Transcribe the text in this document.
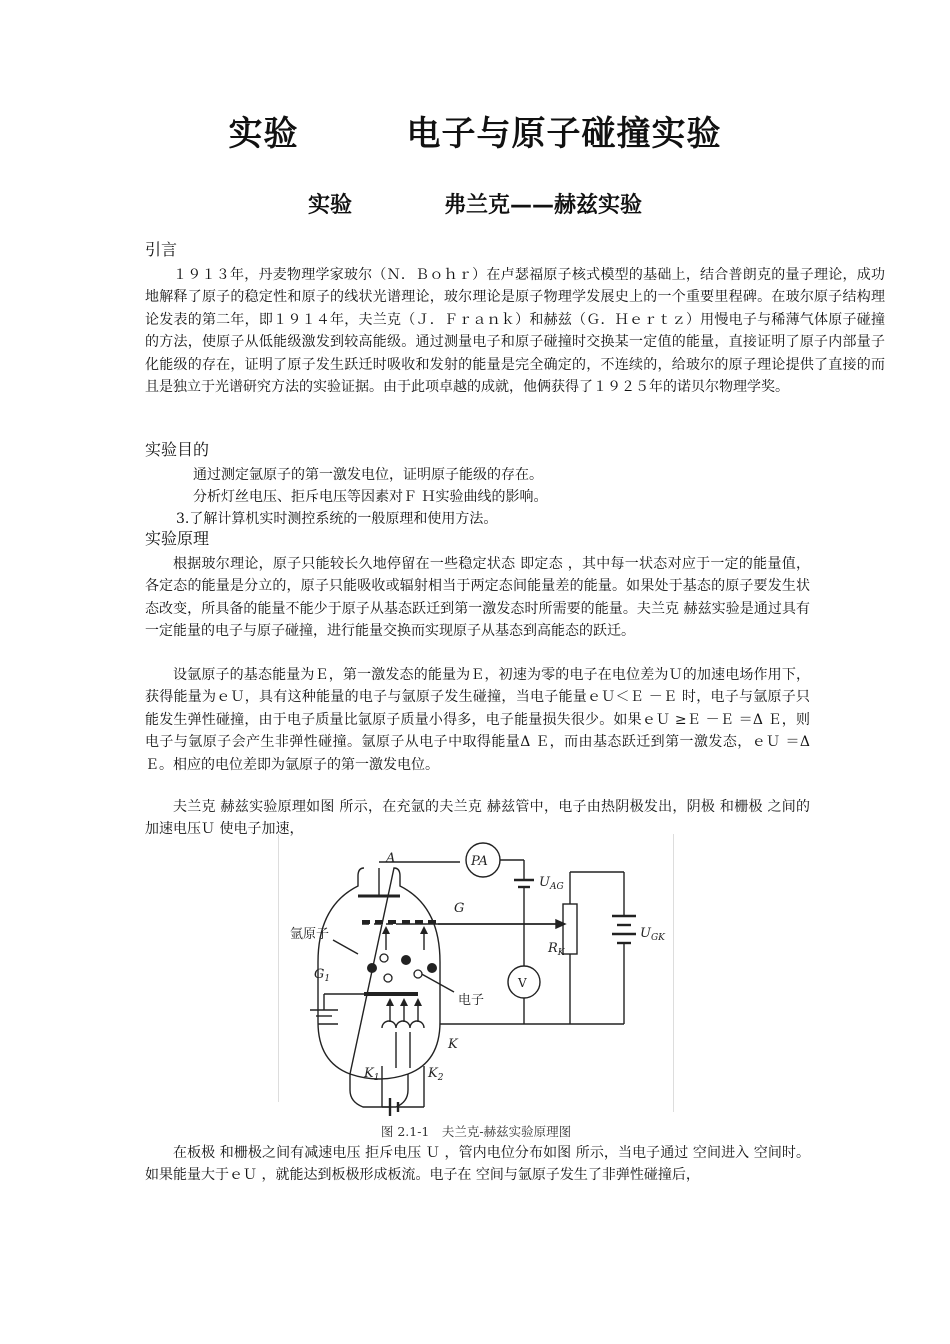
实验	电子与原子碰撞实验
实验	弗兰克——赫兹实验
引言
１９１３年，丹麦物理学家玻尔（Ｎ．Ｂｏｈｒ）在卢瑟福原子核式模型的基础上，结合普朗克的量子理论，成功地解释了原子的稳定性和原子的线状光谱理论，玻尔理论是原子物理学发展史上的一个重要里程碑。在玻尔原子结构理论发表的第二年，即１９１４年，夫兰克（Ｊ．Ｆｒａｎｋ）和赫兹（Ｇ．Ｈｅｒｔｚ）用慢电子与稀薄气体原子碰撞的方法，使原子从低能级激发到较高能级。通过测量电子和原子碰撞时交换某一定值的能量，直接证明了原子内部量子化能级的存在，证明了原子发生跃迁时吸收和发射的能量是完全确定的，不连续的，给玻尔的原子理论提供了直接的而且是独立于光谱研究方法的实验证据。由于此项卓越的成就，他俩获得了１９２５年的诺贝尔物理学奖。
实验目的
通过测定氩原子的第一激发电位，证明原子能级的存在。
分析灯丝电压、拒斥电压等因素对Ｆ Ｈ实验曲线的影响。
3.了解计算机实时测控系统的一般原理和使用方法。
实验原理
根据玻尔理论，原子只能较长久地停留在一些稳定状态 即定态 ，其中每一状态对应于一定的能量值，各定态的能量是分立的，原子只能吸收或辐射相当于两定态间能量差的能量。如果处于基态的原子要发生状态改变，所具备的能量不能少于原子从基态跃迁到第一激发态时所需要的能量。夫兰克 赫兹实验是通过具有一定能量的电子与原子碰撞，进行能量交换而实现原子从基态到高能态的跃迁。
设氩原子的基态能量为Ｅ，第一激发态的能量为Ｅ，初速为零的电子在电位差为Ｕ的加速电场作用下，获得能量为ｅＵ，具有这种能量的电子与氩原子发生碰撞，当电子能量ｅＵ＜Ｅ －Ｅ 时，电子与氩原子只能发生弹性碰撞，由于电子质量比氩原子质量小得多，电子能量损失很少。如果ｅＵ ≥Ｅ －Ｅ ＝Δ Ｅ，则电子与氩原子会产生非弹性碰撞。氩原子从电子中取得能量Δ Ｅ，而由基态跃迁到第一激发态，ｅＵ ＝Δ Ｅ。相应的电位差即为氩原子的第一激发电位。
夫兰克 赫兹实验原理如图 所示，在充氩的夫兰克 赫兹管中，电子由热阴极发出，阴极 和栅极 之间的加速电压Ｕ 使电子加速，
A	PA
$U_{AG}$
G
$R_K$
$U_{GK}$
V
$G_1$
K
$K_1$	$K_2$
氩原子
电子
图 2.1-1　夫兰克-赫兹实验原理图
在板极 和栅极之间有减速电压 拒斥电压 Ｕ ，管内电位分布如图 所示，当电子通过 空间进入 空间时。如果能量大于ｅＵ ，就能达到板极形成板流。电子在 空间与氩原子发生了非弹性碰撞后，
